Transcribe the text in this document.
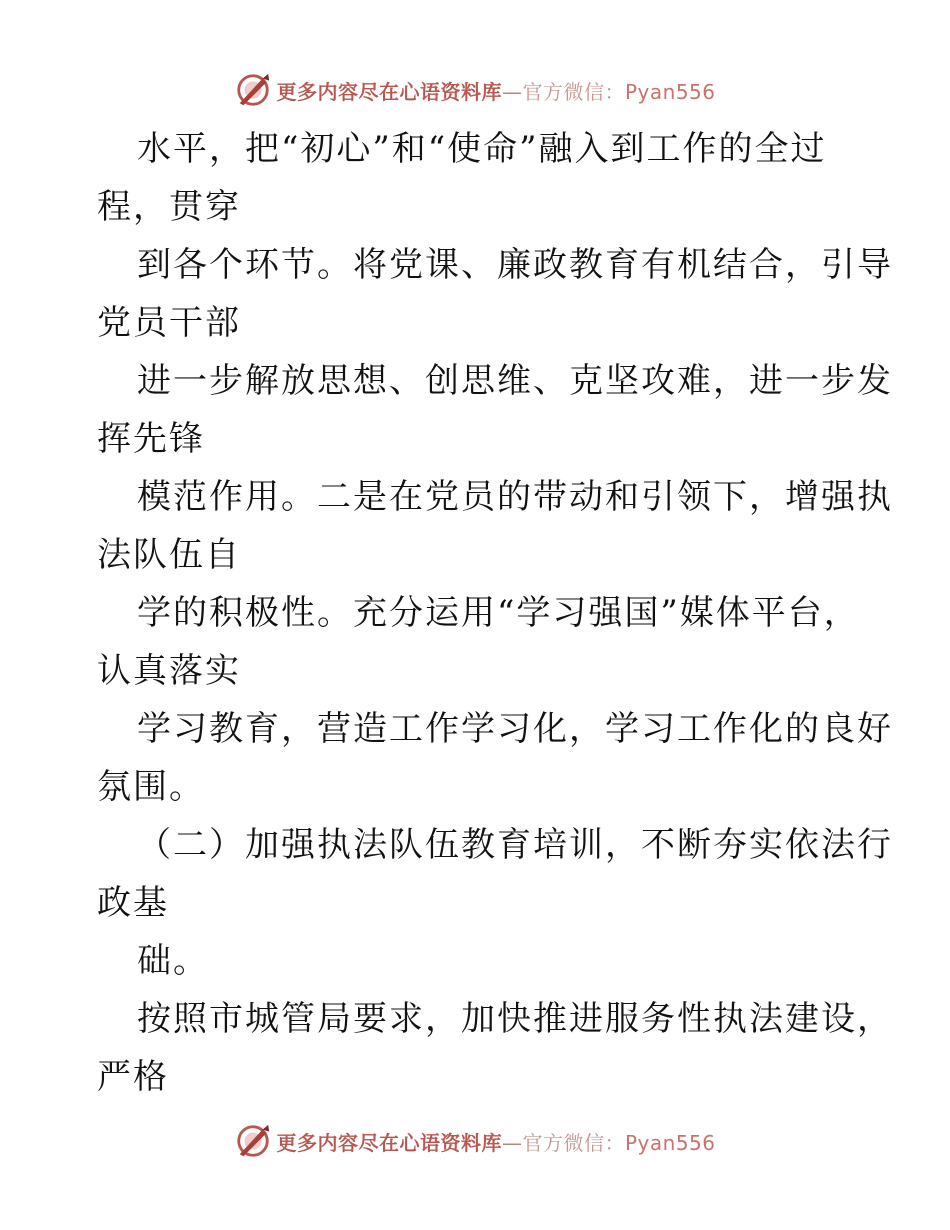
更多内容尽在心语资料库—官方微信：Pyan556
水平，把“初心”和“使命”融入到工作的全过
程，贯穿
到各个环节。将党课、廉政教育有机结合，引导
党员干部
进一步解放思想、创思维、克坚攻难，进一步发
挥先锋
模范作用。二是在党员的带动和引领下，增强执
法队伍自
学的积极性。充分运用“学习强国”媒体平台，
认真落实
学习教育，营造工作学习化，学习工作化的良好
氛围。
（二）加强执法队伍教育培训，不断夯实依法行
政基
础。
按照市城管局要求，加快推进服务性执法建设，
严格
更多内容尽在心语资料库—官方微信：Pyan556
